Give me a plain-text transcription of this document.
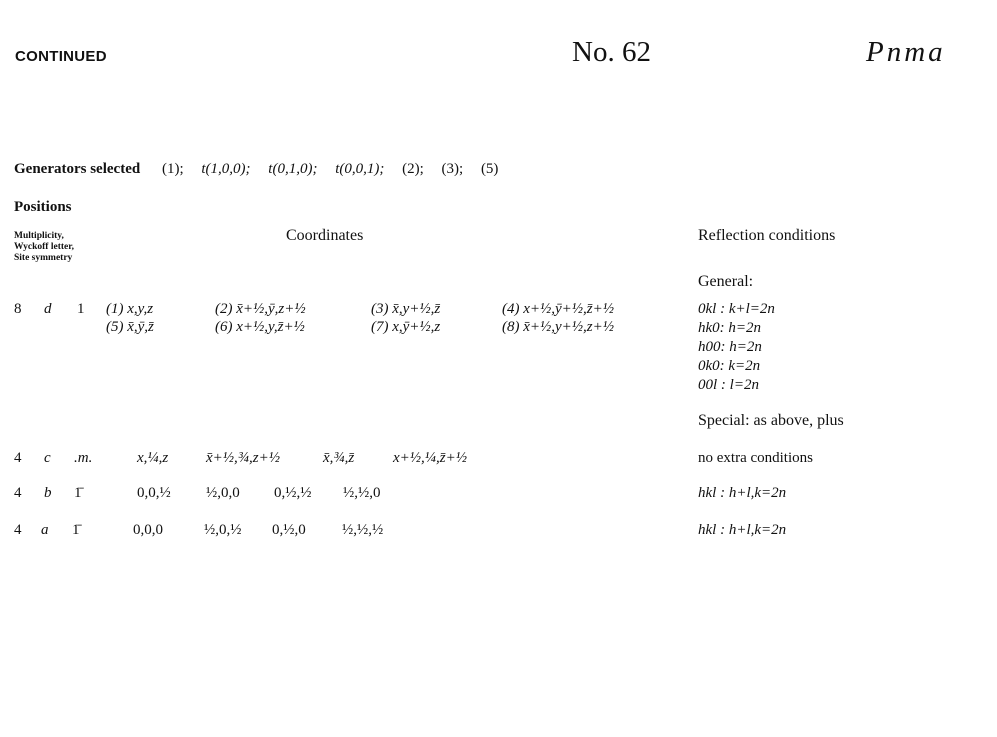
CONTINUED	No. 62	Pnma
Generators selected (1); t(1,0,0); t(0,1,0); t(0,0,1); (2); (3); (5)
Positions
Multiplicity,
Wyckoff letter,
Site symmetry
Coordinates	Reflection conditions
General:
8 d 1 (1) x,y,z	(2) x̄+½,ȳ,z+½	(3) x̄,y+½,z̄	(4) x+½,ȳ+½,z̄+½
(5) x̄,ȳ,z̄	(6) x+½,y,z̄+½	(7) x,ȳ+½,z	(8) x̄+½,y+½,z+½
0kl : k+l=2n
hk0: h=2n
h00: h=2n
0k0: k=2n
00l : l=2n
Special: as above, plus
4 c .m.	x,¼,z	x̄+½,¾,z+½	x̄,¾,z̄	x+½,¼,z̄+½	no extra conditions
4 b 1̄	0,0,½ ½,0,0 0,½,½ ½,½,0	hkl : h+l,k=2n
4 a 1̄	0,0,0	½,0,½ 0,½,0 ½,½,½	hkl : h+l,k=2n
